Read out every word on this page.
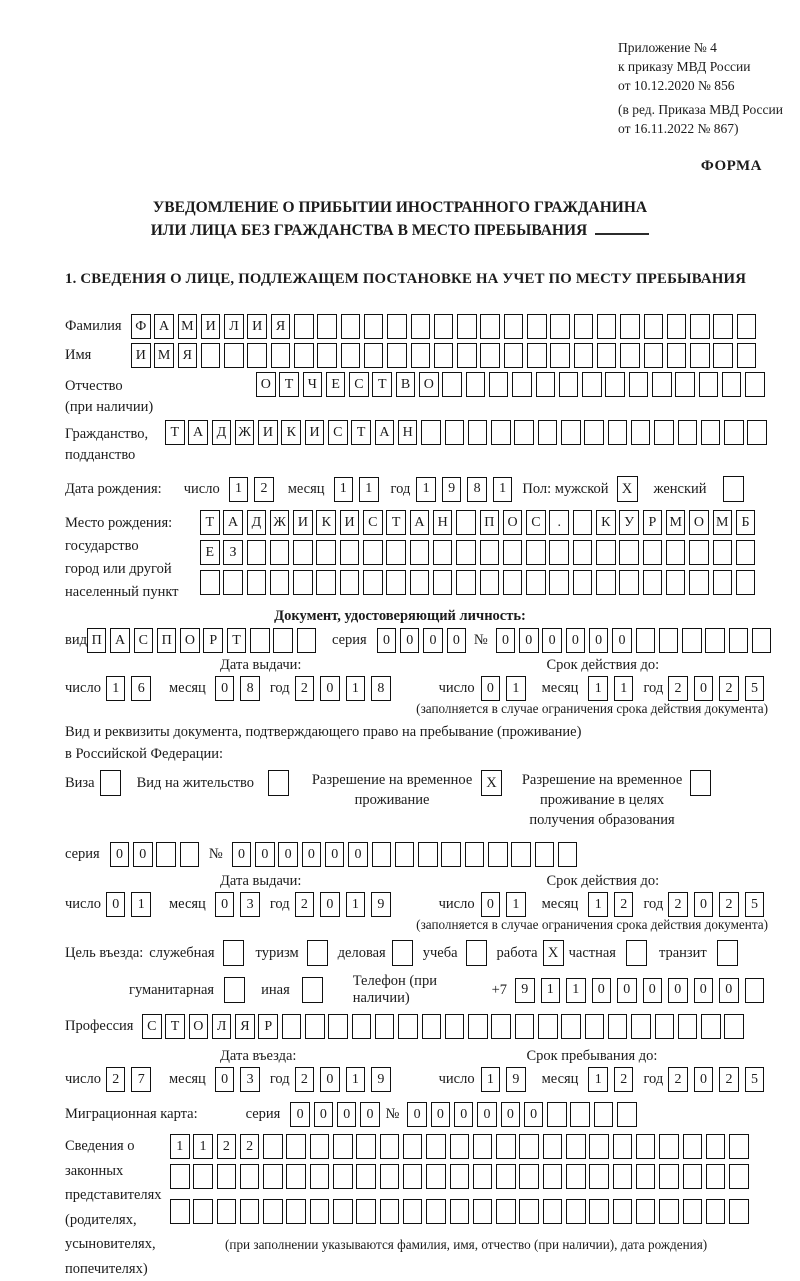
Приложение № 4
к приказу МВД России
от 10.12.2020 № 856
(в ред. Приказа МВД России
от 16.11.2022 № 867)
ФОРМА
УВЕДОМЛЕНИЕ О ПРИБЫТИИ ИНОСТРАННОГО ГРАЖДАНИНА
ИЛИ ЛИЦА БЕЗ ГРАЖДАНСТВА В МЕСТО ПРЕБЫВАНИЯ
1. СВЕДЕНИЯ О ЛИЦЕ, ПОДЛЕЖАЩЕМ ПОСТАНОВКЕ НА УЧЕТ ПО МЕСТУ ПРЕБЫВАНИЯ
Фамилия Ф А М И Л И Я
Имя	И М Я
Отчество
(при наличии)
О Т	Ч	Е	С	Т	В О
Гражданство,
подданство
Т А Д Ж И К И С	Т А Н
Дата рождения: число	1	2	месяц	1	1	год 1	9	8	1	Пол: мужской X	женский
Место рождения:
государство
город или другой
населенный пункт
Т А Д Ж И К И С	Т А Н	П О С	.	К У	Р М О М Б

Е	З

Документ, удостоверяющий личность:
вид П А С П О	Р	Т	серия	0	0	0	0 №	0	0	0	0	0	0
Дата выдачи:	Срок действия до:
число 1	6	месяц	0	8	год 2	0	1	8	число 0	1	месяц	1	1	год 2	0	2	5
(заполняется в случае ограничения срока действия документа)
Вид и реквизиты документа, подтверждающего право на пребывание (проживание)
в Российской Федерации:
Виза	Вид на жительство	Разрешение на временное проживание
X	Разрешение на временное проживание в целях получения образования
серия	0	0	№	0	0	0	0	0	0
Дата выдачи:	Срок действия до:
число 0	1	месяц	0	3	год 2	0	1	9	число 0	1	месяц	1	2	год 2	0	2	5
(заполняется в случае ограничения срока действия документа)
Цель въезда: служебная	туризм	деловая	учеба	работа X частная	транзит
гуманитарная	иная
Телефон (при наличии)
+7	9	1	1	0	0	0	0	0	0
Профессия С	Т О Л Я	Р
Дата въезда:	Срок пребывания до:
число 2	7	месяц	0	3	год 2	0	1	9	число 1	9	месяц	1	2	год 2	0	2	5
Миграционная карта:	серия	0	0	0	0 №	0	0	0	0	0	0
Сведения о
законных
представителях
(родителях,
усыновителях,
попечителях)
1	1	2	2

(при заполнении указываются фамилия, имя, отчество (при наличии), дата рождения)
